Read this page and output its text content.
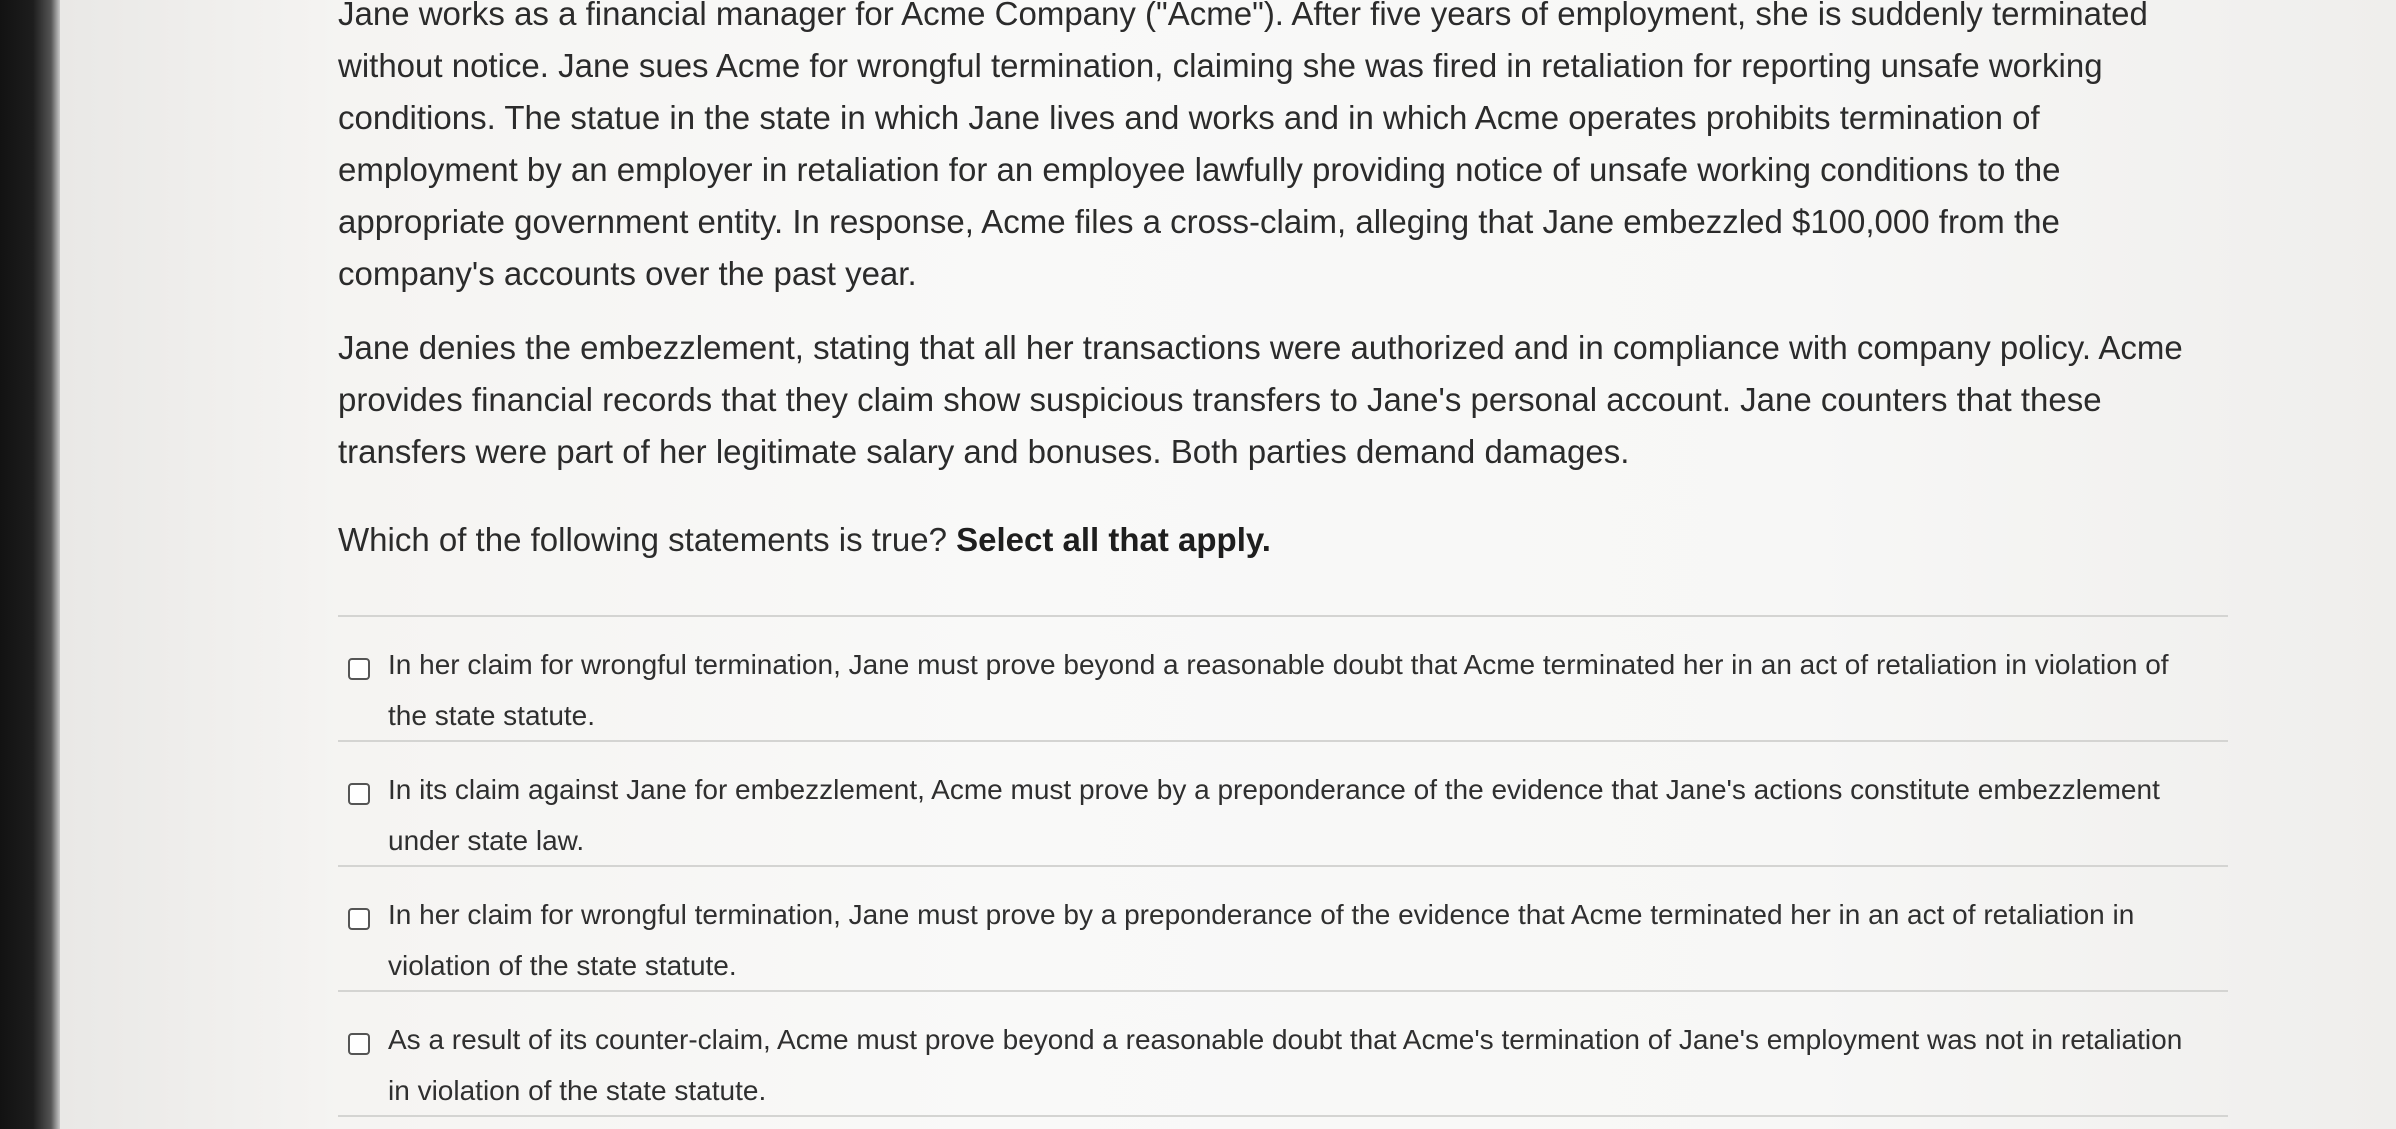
Jane works as a financial manager for Acme Company ("Acme"). After five years of employment, she is suddenly terminated without notice. Jane sues Acme for wrongful termination, claiming she was fired in retaliation for reporting unsafe working conditions. The statue in the state in which Jane lives and works and in which Acme operates prohibits termination of employment by an employer in retaliation for an employee lawfully providing notice of unsafe working conditions to the appropriate government entity. In response, Acme files a cross-claim, alleging that Jane embezzled $100,000 from the company's accounts over the past year.

Jane denies the embezzlement, stating that all her transactions were authorized and in compliance with company policy. Acme provides financial records that they claim show suspicious transfers to Jane's personal account. Jane counters that these transfers were part of her legitimate salary and bonuses. Both parties demand damages.

Which of the following statements is true? Select all that apply.

In her claim for wrongful termination, Jane must prove beyond a reasonable doubt that Acme terminated her in an act of retaliation in violation of the state statute.
In its claim against Jane for embezzlement, Acme must prove by a preponderance of the evidence that Jane's actions constitute embezzlement under state law.
In her claim for wrongful termination, Jane must prove by a preponderance of the evidence that Acme terminated her in an act of retaliation in violation of the state statute.
As a result of its counter-claim, Acme must prove beyond a reasonable doubt that Acme's termination of Jane's employment was not in retaliation in violation of the state statute.
